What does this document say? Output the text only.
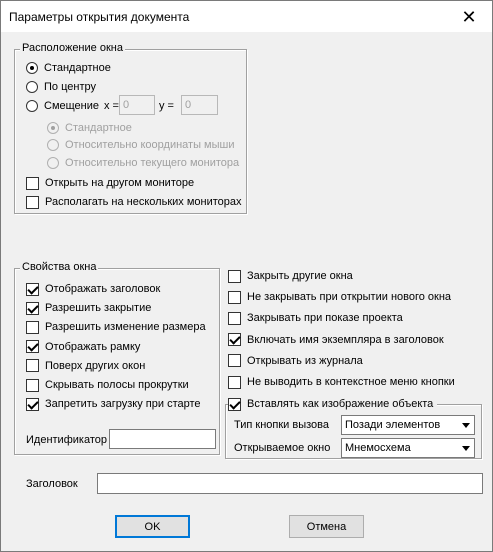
Параметры открытия документа	✕
Расположение окна
Стандартное
По центру
Смещение x = 0	y =	0
Стандартное
Относительно координаты мыши
Относительно текущего монитора
Открыть на другом мониторе
Располагать на нескольких мониторах
Свойства окна
Отображать заголовок
Разрешить закрытие
Разрешить изменение размера
Отображать рамку
Поверх других окон
Скрывать полосы прокрутки
Запретить загрузку при старте
Идентификатор
Закрыть другие окна
Не закрывать при открытии нового окна
Закрывать при показе проекта
Включать имя экземпляра в заголовок
Открывать из журнала
Не выводить в контекстное меню кнопки
Вставлять как изображение объекта
Тип кнопки вызова	Позади элементов
Открываемое окно	Мнемосхема
Заголовок
OK	Отмена
